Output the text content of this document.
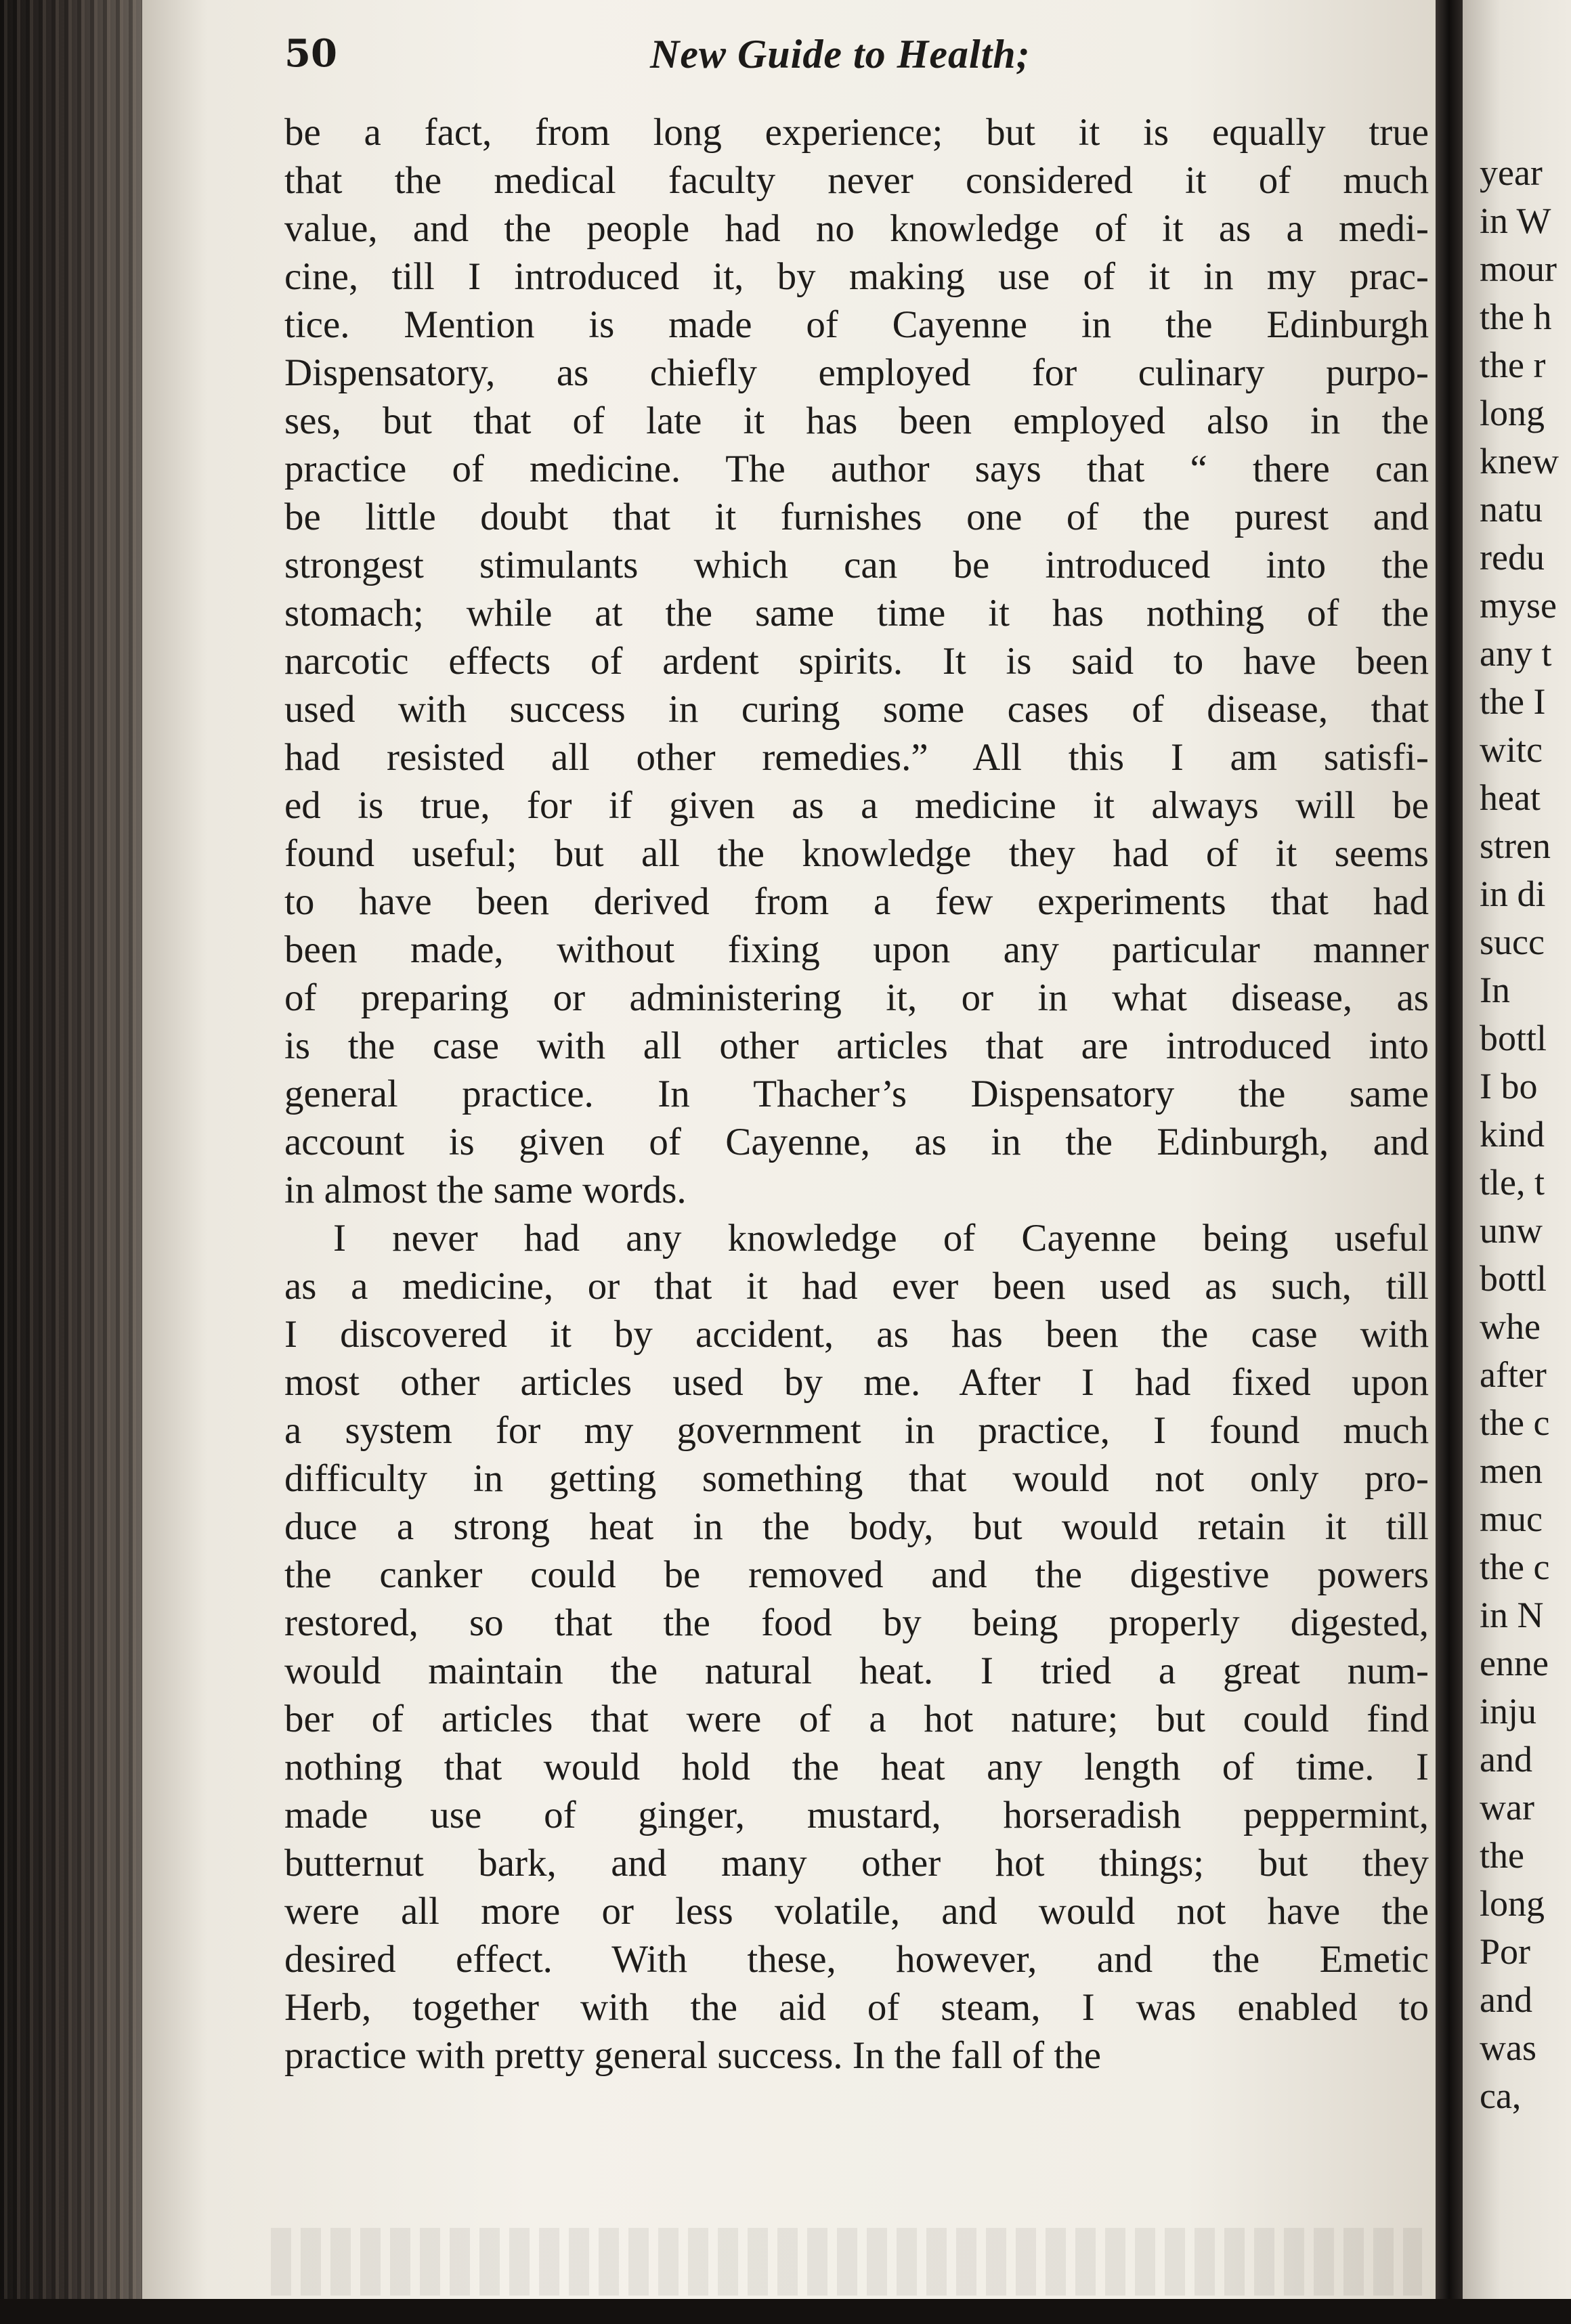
50	New Guide to Health;
be a fact, from long experience; but it is equally true
that the medical faculty never considered it of much
value, and the people had no knowledge of it as a medi-
cine, till I introduced it, by making use of it in my prac-
tice. Mention is made of Cayenne in the Edinburgh
Dispensatory, as chiefly employed for culinary purpo-
ses, but that of late it has been employed also in the
practice of medicine. The author says that “ there can
be little doubt that it furnishes one of the purest and
strongest stimulants which can be introduced into the
stomach; while at the same time it has nothing of the
narcotic effects of ardent spirits. It is said to have been
used with success in curing some cases of disease, that
had resisted all other remedies.” All this I am satisfi-
ed is true, for if given as a medicine it always will be
found useful; but all the knowledge they had of it seems
to have been derived from a few experiments that had
been made, without fixing upon any particular manner
of preparing or administering it, or in what disease, as
is the case with all other articles that are introduced into
general practice. In Thacher’s Dispensatory the same
account is given of Cayenne, as in the Edinburgh, and
in almost the same words.
I never had any knowledge of Cayenne being useful
as a medicine, or that it had ever been used as such, till
I discovered it by accident, as has been the case with
most other articles used by me. After I had fixed upon
a system for my government in practice, I found much
difficulty in getting something that would not only pro-
duce a strong heat in the body, but would retain it till
the canker could be removed and the digestive powers
restored, so that the food by being properly digested,
would maintain the natural heat. I tried a great num-
ber of articles that were of a hot nature; but could find
nothing that would hold the heat any length of time. I
made use of ginger, mustard, horseradish peppermint,
butternut bark, and many other hot things; but they
were all more or less volatile, and would not have the
desired effect. With these, however, and the Emetic
Herb, together with the aid of steam, I was enabled to
practice with pretty general success. In the fall of the
year
in W
mour
the h
the r
long
knew
natu
redu
myse
any t
the I
witc
heat
stren
in di
succ
In
bottl
I bo
kind
tle, t
unw
bottl
whe
after
the c
men
muc
the c
in N
enne
inju
and
war
the
long
Por
and
was
ca,
